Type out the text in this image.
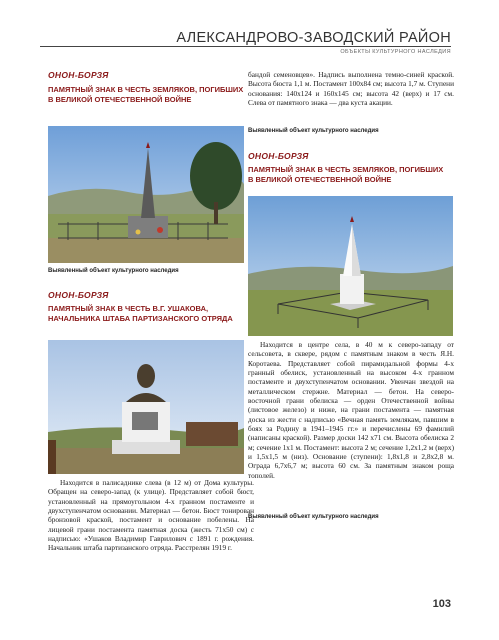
АЛЕКСАНДРОВО-ЗАВОДСКИЙ РАЙОН
ОБЪЕКТЫ КУЛЬТУРНОГО НАСЛЕДИЯ
ОНОН-БОРЗЯ
ПАМЯТНЫЙ ЗНАК В ЧЕСТЬ ЗЕМЛЯКОВ, ПОГИБШИХ В ВЕЛИКОЙ ОТЕЧЕСТВЕННОЙ ВОЙНЕ
Выявленный объект культурного наследия
ОНОН-БОРЗЯ
ПАМЯТНЫЙ ЗНАК В ЧЕСТЬ В.Г. УШАКОВА, НАЧАЛЬНИКА ШТАБА ПАРТИЗАНСКОГО ОТРЯДА

Находится в палисаднике слева (в 12 м) от Дома культуры. Обращен на северо-запад (к улице). Представляет собой бюст, установленный на прямоугольном 4-х гранном постаменте и двухступенчатом основании. Материал — бетон. Бюст тонирован бронзовой краской, постамент и основание побелены. На лицевой грани постамента памятная доска (жесть 71х50 см) с надписью: «Ушаков Владимир Гаврилович с 1891 г. рождения. Начальник штаба партизанского отряда. Расстрелян 1919 г.

бандой семеновцев». Надпись выполнена темно-синей краской. Высота бюста 1,1 м. Постамент 100х84 см; высота 1,7 м. Ступени основания: 140х124 и 160х145 см; высота 42 (верх) и 17 см. Слева от памятного знака — два куста акации.

Выявленный объект культурного наследия
ОНОН-БОРЗЯ
ПАМЯТНЫЙ ЗНАК В ЧЕСТЬ ЗЕМЛЯКОВ, ПОГИБШИХ В ВЕЛИКОЙ ОТЕЧЕСТВЕННОЙ ВОЙНЕ

Находится в центре села, в 40 м к северо-западу от сельсовета, в сквере, рядом с памятным знаком в честь Я.Н. Коротаева. Представляет собой пирамидальной формы 4-х гранный обелиск, установленный на высоком 4-х гранном постаменте и двухступенчатом основании. Увенчан звездой на металлическом стержне. Материал — бетон. На северо-восточной грани обелиска — орден Отечественной войны (листовое железо) и ниже, на грани постамента — памятная доска из жести с надписью «Вечная память землякам, павшим в боях за Родину в 1941–1945 гг.» и перечислены 69 фамилий (написаны краской). Размер доски 142 х71 см. Высота обелиска 2 м; сечение 1х1 м. Постамент: высота 2 м; сечение 1,2х1,2 м (верх) и 1,5х1,5 м (низ). Основание (ступени): 1,8х1,8 и 2,8х2,8 м. Ограда 6,7х6,7 м; высота 60 см. За памятным знаком роща тополей.

Выявленный объект культурного наследия
103
